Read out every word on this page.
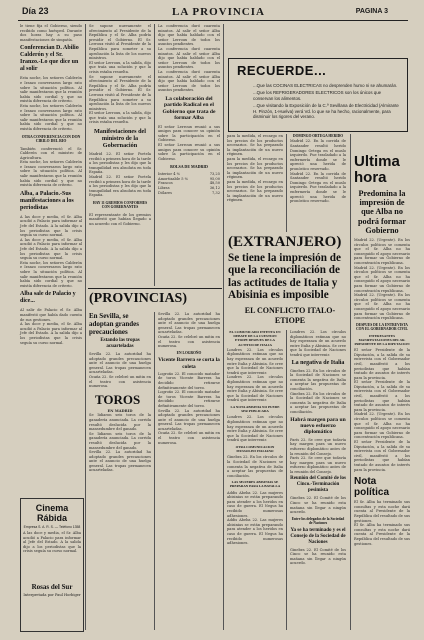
Día 23	LA PROVINCIA	PAGINA 3
le tiene fija el Gobierno, siendo recibido como huésped. Durante dos horas hay a su paso manifestaciones de simpatía.
Conferencian D. Abilio Calderón y el Sr. Iranzo.-Lo que dice un al solir
Esta noche, los señores Calderón e Iranzo conversaron largo rato sobre la situación política. Al salir manifestaron que la reunión había sido cordial y que no existía diferencia de criterio.
Esta noche, los señores Calderón e Iranzo conversaron largo rato sobre la situación política. Al salir manifestaron que la reunión había sido cordial y que no existía diferencia de criterio.
OTRA CONFERENCIA CON DON CIRILO DEL RIO
También conferenció el Sr. Calderón con el ministro de Agricultura.
Esta noche, los señores Calderón e Iranzo conversaron largo rato sobre la situación política. Al salir manifestaron que la reunión había sido cordial y que no existía diferencia de criterio.
Alba, a Palacio.-Sus manifestaciones a los periodistas
A las doce y media, el Sr. Alba acudió a Palacio para informar al Jefe del Estado. A la salida dijo a los periodistas que la crisis seguía su curso normal.
A las doce y media, el Sr. Alba acudió a Palacio para informar al Jefe del Estado. A la salida dijo a los periodistas que la crisis seguía su curso normal.
Esta noche, los señores Calderón e Iranzo conversaron largo rato sobre la situación política. Al salir manifestaron que la reunión había sido cordial y que no existía diferencia de criterio.
Alba sale de Palacio y dice...
Al salir de Palacio el Sr. Alba manifestó que había dado cuenta de sus gestiones.
A las doce y media, el Sr. Alba acudió a Palacio para informar al Jefe del Estado. A la salida dijo a los periodistas que la crisis seguía su curso normal.
Cinema Rábida
Empresa S. A. R. S. — Teléfono 1358
A las doce y media, el Sr. Alba acudió a Palacio para informar al Jefe del Estado. A la salida dijo a los periodistas que la crisis seguía su curso normal.
Rosas del Sur
Interpretada por Paul Horbiger
Se supone nuevamente el ofrecimiento al Presidente de la República y el Sr. Alba podría presidir el Gobierno. El Sr. Lerroux visitó al Presidente de la República para someter a su aprobación la lista de los nuevos ministros.
El señor Lerroux, a la salida, dijo que traía una solución y que la crisis estaba resuelta.
Se supone nuevamente el ofrecimiento al Presidente de la República y el Sr. Alba podría presidir el Gobierno. El Sr. Lerroux visitó al Presidente de la República para someter a su aprobación la lista de los nuevos ministros.
El señor Lerroux, a la salida, dijo que traía una solución y que la crisis estaba resuelta.
Manifestaciones del ministro de la Gobernación
Madrid 22. El señor Portela recibió a primera hora de la tarde a los periodistas y les dijo que la tranquilidad era absoluta en toda España.
Madrid 22. El señor Portela recibió a primera hora de la tarde a los periodistas y les dijo que la tranquilidad era absoluta en toda España.
HAY 11 GREMIOS CONFORMES CON GOBERNANTES
El representante de los gremios manifestó que habían llegado a un acuerdo con el Gobierno.
La conferencia duró cuarenta minutos. Al salir el señor Alba dijo que había hablado con el señor Lerroux de todos los asuntos pendientes.
La conferencia duró cuarenta minutos. Al salir el señor Alba dijo que había hablado con el señor Lerroux de todos los asuntos pendientes.
La conferencia duró cuarenta minutos. Al salir el señor Alba dijo que había hablado con el señor Lerroux de todos los asuntos pendientes.
La colaboración del partido Radical en el Gobierno que trata de formar Alba
El señor Lerroux reunió a sus amigos para conocer su opinión sobre la participación en el Gobierno.
El señor Lerroux reunió a sus amigos para conocer su opinión sobre la participación en el Gobierno.
BOLSA DE MADRID
Interior 4 %	73,25
Amortizable 5 %	95,00
Francos	48,50
Libras	36,12
Dólares	7,32
(PROVINCIAS)
En Sevilla, se adoptan grandes precauciones
Estando las tropas acuarteladas
Sevilla 22. La autoridad ha adoptado grandes precauciones ante el anuncio de una huelga general. Las tropas permanecen acuarteladas.
Ocaña 22. Se celebró un mitin en el teatro con asistencia numerosa.
TOROS
EN MADRID
Se lidiaron seis toros de la ganadería anunciada. La corrida resultó deslucida por la mansedumbre del ganado.
Se lidiaron seis toros de la ganadería anunciada. La corrida resultó deslucida por la mansedumbre del ganado.
Sevilla 22. La autoridad ha adoptado grandes precauciones ante el anuncio de una huelga general. Las tropas permanecen acuarteladas.
Sevilla 22. La autoridad ha adoptado grandes precauciones ante el anuncio de una huelga general. Las tropas permanecen acuarteladas.
Ocaña 22. Se celebró un mitin en el teatro con asistencia numerosa.
EN LOGROÑO
Vicente Barrera se corta la coleta
Logroño 22. El conocido matador de toros Vicente Barrera ha decidido retirarse definitivamente del toreo.
Logroño 22. El conocido matador de toros Vicente Barrera ha decidido retirarse definitivamente del toreo.
Sevilla 22. La autoridad ha adoptado grandes precauciones ante el anuncio de una huelga general. Las tropas permanecen acuarteladas.
Ocaña 22. Se celebró un mitin en el teatro con asistencia numerosa.
RECUERDE...
...Que las COCINAS ELECTRICAS no desprenden humo ni se ahumarán.
...Que los REFRIGERADORES ELECTRICOS son los únicos que conservan los alimentos.
...Que visitando la Exposición de la C.ª Sevillana de Electricidad (Almirante H. Pinzón, 1-Huelva) verá Vd. lo que se ha hecho, racionalmente, para disminuir los rigores del verano.
para la medida, el recargo en los precios de los productos necesarios. Se ha preparado la implantación de un nuevo régimen.
para la medida, el recargo en los precios de los productos necesarios. Se ha preparado la implantación de un nuevo régimen.
para la medida, el recargo en los precios de los productos necesarios. Se ha preparado la implantación de un nuevo régimen.
DOMINGO ORTEGA HERIDO
Madrid 22. En la corrida de Santander resultó herido Domingo Ortega en el muslo izquierdo. Fue trasladado a la enfermería donde se le apreció una herida de pronóstico reservado.
Madrid 22. En la corrida de Santander resultó herido Domingo Ortega en el muslo izquierdo. Fue trasladado a la enfermería donde se le apreció una herida de pronóstico reservado.
(EXTRANJERO)
Se tiene la impresión de que la reconciliación de las actitudes de Italia y Abisinia es imposible
EL CONFLICTO ITALO-ETIOPE
EL COMUNICADO INTENTA UN DEBATE DE LA CUESTION ETIOPE DESPUES DE LA ACTITUD DE ITALIA
Londres 22. Los círculos diplomáticos estiman que no hay esperanza de un acuerdo entre Italia y Abisinia. Se cree que la Sociedad de Naciones tendrá que intervenir.
Londres 22. Los círculos diplomáticos estiman que no hay esperanza de un acuerdo entre Italia y Abisinia. Se cree que la Sociedad de Naciones tendrá que intervenir.
LA NOTA ABISINIA NO PUEDE SER PUBLICADA
Londres 22. Los círculos diplomáticos estiman que no hay esperanza de un acuerdo entre Italia y Abisinia. Se cree que la Sociedad de Naciones tendrá que intervenir.
OTRA COMUNICACION MUSSOLINI ITALIANO
Ginebra 22. En los círculos de la Sociedad de Naciones se comenta la negativa de Italia a aceptar las propuestas de conciliación.
LAS MUJERES ABISINIAS SE PREPARAN PARA LA BATALLA
Addis Abeba 22. Las mujeres abisinias se están preparando para atender a los heridos en caso de guerra. El Negus ha recibido numerosas adhesiones.
Addis Abeba 22. Las mujeres abisinias se están preparando para atender a los heridos en caso de guerra. El Negus ha recibido numerosas adhesiones.
Londres 22. Los círculos diplomáticos estiman que no hay esperanza de un acuerdo entre Italia y Abisinia. Se cree que la Sociedad de Naciones tendrá que intervenir.
La negativa de Italia
Ginebra 22. En los círculos de la Sociedad de Naciones se comenta la negativa de Italia a aceptar las propuestas de conciliación.
Ginebra 22. En los círculos de la Sociedad de Naciones se comenta la negativa de Italia a aceptar las propuestas de conciliación.
Habrá margen para un nuevo esfuerzo diplomático
París 22. Se cree que todavía hay margen para un nuevo esfuerzo diplomático antes de la reunión del Consejo.
París 22. Se cree que todavía hay margen para un nuevo esfuerzo diplomático antes de la reunión del Consejo.
Reunión del Comité de los Cinco.-Terminación pesimista
Ginebra 22. El Comité de los Cinco se ha reunido esta mañana sin llegar a ningún acuerdo.
Entre los delegados de la Sociedad de Naciones
Ya se ha terminado y es el Consejo de la Sociedad de Naciones
Ginebra 22. El Comité de los Cinco se ha reunido esta mañana sin llegar a ningún acuerdo.
Ultima hora
Predomina la impresión de que Alba no podrá formar Gobierno
Madrid 22. (Urgente). En los círculos políticos se comenta que el Sr. Alba no ha conseguido el apoyo necesario para formar un Gobierno de concentración republicana.
Madrid 22. (Urgente). En los círculos políticos se comenta que el Sr. Alba no ha conseguido el apoyo necesario para formar un Gobierno de concentración republicana.
Madrid 22. (Urgente). En los círculos políticos se comenta que el Sr. Alba no ha conseguido el apoyo necesario para formar un Gobierno de concentración republicana.
DESPUES DE LA ENTREVISTA CON EL GOBERNADOR CIVIL
INTERESANTES MANIFESTACIONES DEL SR. PRESIDENTE DE LA DIPUTACION
El señor Presidente de la Diputación, a la salida de su entrevista con el Gobernador civil, manifestó a los periodistas que habían tratado de asuntos de interés para la provincia.
El señor Presidente de la Diputación, a la salida de su entrevista con el Gobernador civil, manifestó a los periodistas que habían tratado de asuntos de interés para la provincia.
Madrid 22. (Urgente). En los círculos políticos se comenta que el Sr. Alba no ha conseguido el apoyo necesario para formar un Gobierno de concentración republicana.
El señor Presidente de la Diputación, a la salida de su entrevista con el Gobernador civil, manifestó a los periodistas que habían tratado de asuntos de interés para la provincia.
Nota política
El Sr. Alba ha terminado sus consultas y esta noche dará cuenta al Presidente de la República del resultado de sus gestiones.
El Sr. Alba ha terminado sus consultas y esta noche dará cuenta al Presidente de la República del resultado de sus gestiones.
